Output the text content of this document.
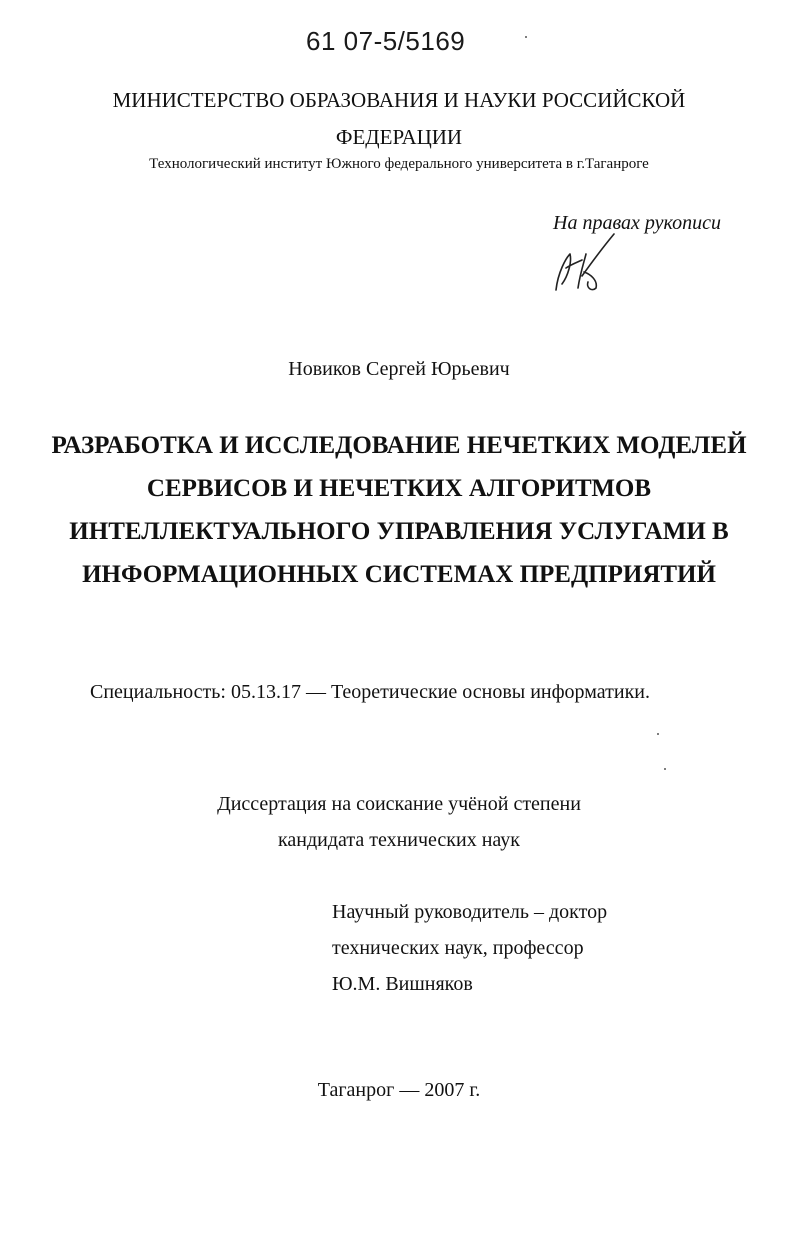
61 07-5/5169
МИНИСТЕРСТВО ОБРАЗОВАНИЯ И НАУКИ РОССИЙСКОЙ
ФЕДЕРАЦИИ
Технологический институт Южного федерального университета в г.Таганроге
На правах рукописи
Новиков Сергей Юрьевич
РАЗРАБОТКА И ИССЛЕДОВАНИЕ НЕЧЕТКИХ МОДЕЛЕЙ
СЕРВИСОВ И НЕЧЕТКИХ АЛГОРИТМОВ
ИНТЕЛЛЕКТУАЛЬНОГО УПРАВЛЕНИЯ УСЛУГАМИ В
ИНФОРМАЦИОННЫХ СИСТЕМАХ ПРЕДПРИЯТИЙ
Специальность: 05.13.17 — Теоретические основы информатики.
Диссертация на соискание учёной степени
кандидата технических наук
Научный руководитель – доктор
технических наук, профессор
Ю.М. Вишняков
Таганрог — 2007 г.
